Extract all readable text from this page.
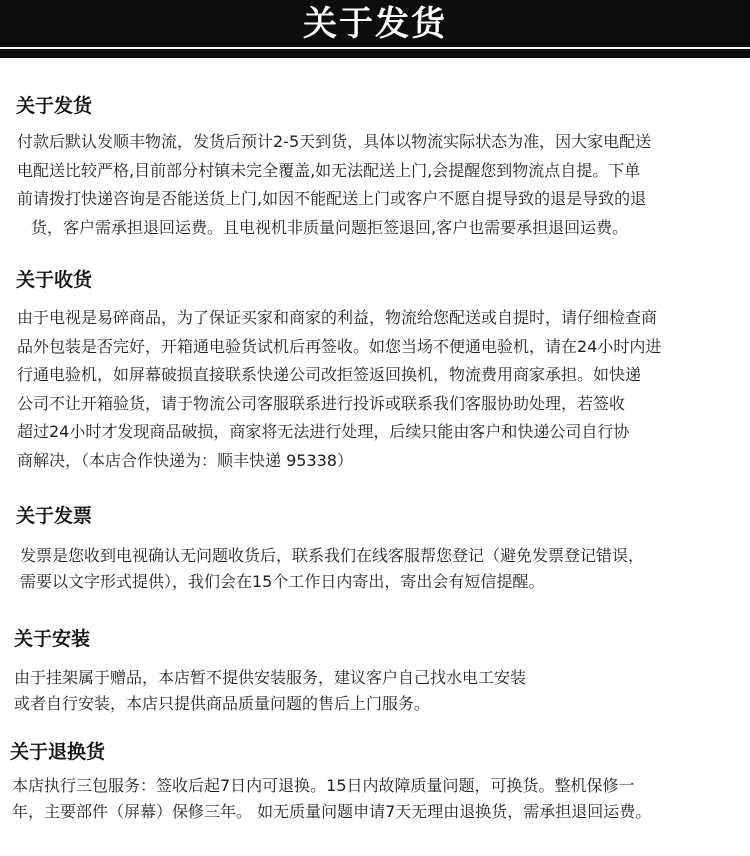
关于发货
关于发货
付款后默认发顺丰物流，发货后预计2-5天到货，具体以物流实际状态为准，因大家电配送
电配送比较严格,目前部分村镇未完全覆盖,如无法配送上门,会提醒您到物流点自提。下单
前请拨打快递咨询是否能送货上门,如因不能配送上门或客户不愿自提导致的退是导致的退
货，客户需承担退回运费。且电视机非质量问题拒签退回,客户也需要承担退回运费。
关于收货
由于电视是易碎商品，为了保证买家和商家的利益，物流给您配送或自提时，请仔细检查商
品外包装是否完好，开箱通电验货试机后再签收。如您当场不便通电验机，请在24小时内进
行通电验机，如屏幕破损直接联系快递公司改拒签返回换机，物流费用商家承担。如快递
公司不让开箱验货，请于物流公司客服联系进行投诉或联系我们客服协助处理，若签收
超过24小时才发现商品破损，商家将无法进行处理，后续只能由客户和快递公司自行协
商解决，（本店合作快递为：顺丰快递 95338）
关于发票
发票是您收到电视确认无问题收货后，联系我们在线客服帮您登记（避免发票登记错误，
需要以文字形式提供），我们会在15个工作日内寄出，寄出会有短信提醒。
关于安装
由于挂架属于赠品，本店暂不提供安装服务，建议客户自己找水电工安装
或者自行安装，本店只提供商品质量问题的售后上门服务。
关于退换货
本店执行三包服务：签收后起7日内可退换。15日内故障质量问题，可换货。整机保修一
年，主要部件（屏幕）保修三年。 如无质量问题申请7天无理由退换货，需承担退回运费。
